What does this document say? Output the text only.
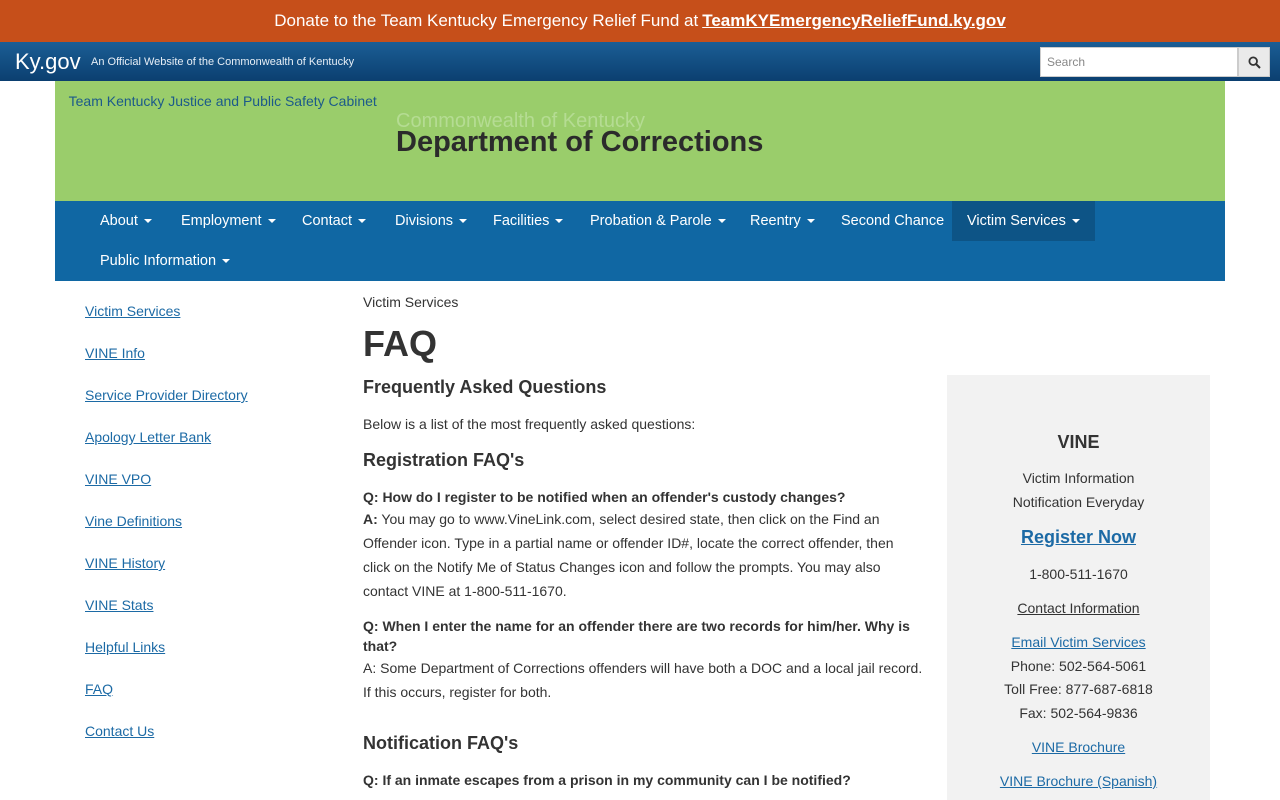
Donate to the Team Kentucky Emergency Relief Fund at TeamKYEmergencyReliefFund.ky.gov
Ky.gov An Official Website of the Commonwealth of Kentucky
Search
Team Kentucky Justice and Public Safety Cabinet
Commonwealth of Kentucky
Department of Corrections
About	Employment	Contact	Divisions	Facilities	Probation & Parole	Reentry	Second Chance	Victim Services
Public Information
Victim Services
VINE Info
Service Provider Directory
Apology Letter Bank
VINE VPO
Vine Definitions
VINE History
VINE Stats
Helpful Links
FAQ
Contact Us
Victim Services
FAQ
Frequently Asked Questions

Below is a list of the most frequently asked questions:

Registration FAQ's
Q: How do I register to be notified when an offender's custody changes?
A: You may go to www.VineLink.com, select desired state, then click on the Find an Offender icon. Type in a partial name or offender ID#, locate the correct offender, then click on the Notify Me of Status Changes icon and follow the prompts. You may also contact VINE at 1-800-511-1670.
Q: When I enter the name for an offender there are two records for him/her. Why is that?
A: Some Department of Corrections offenders will have both a DOC and a local jail record. If this occurs, register for both.
Notification FAQ's
Q: If an inmate escapes from a prison in my community can I be notified?
VINE
Victim Information
Notification Everyday
Register Now
1-800-511-1670
Contact Information
Email Victim Services
Phone: 502-564-5061
Toll Free: 877-687-6818
Fax: 502-564-9836
VINE Brochure
VINE Brochure (Spanish)
